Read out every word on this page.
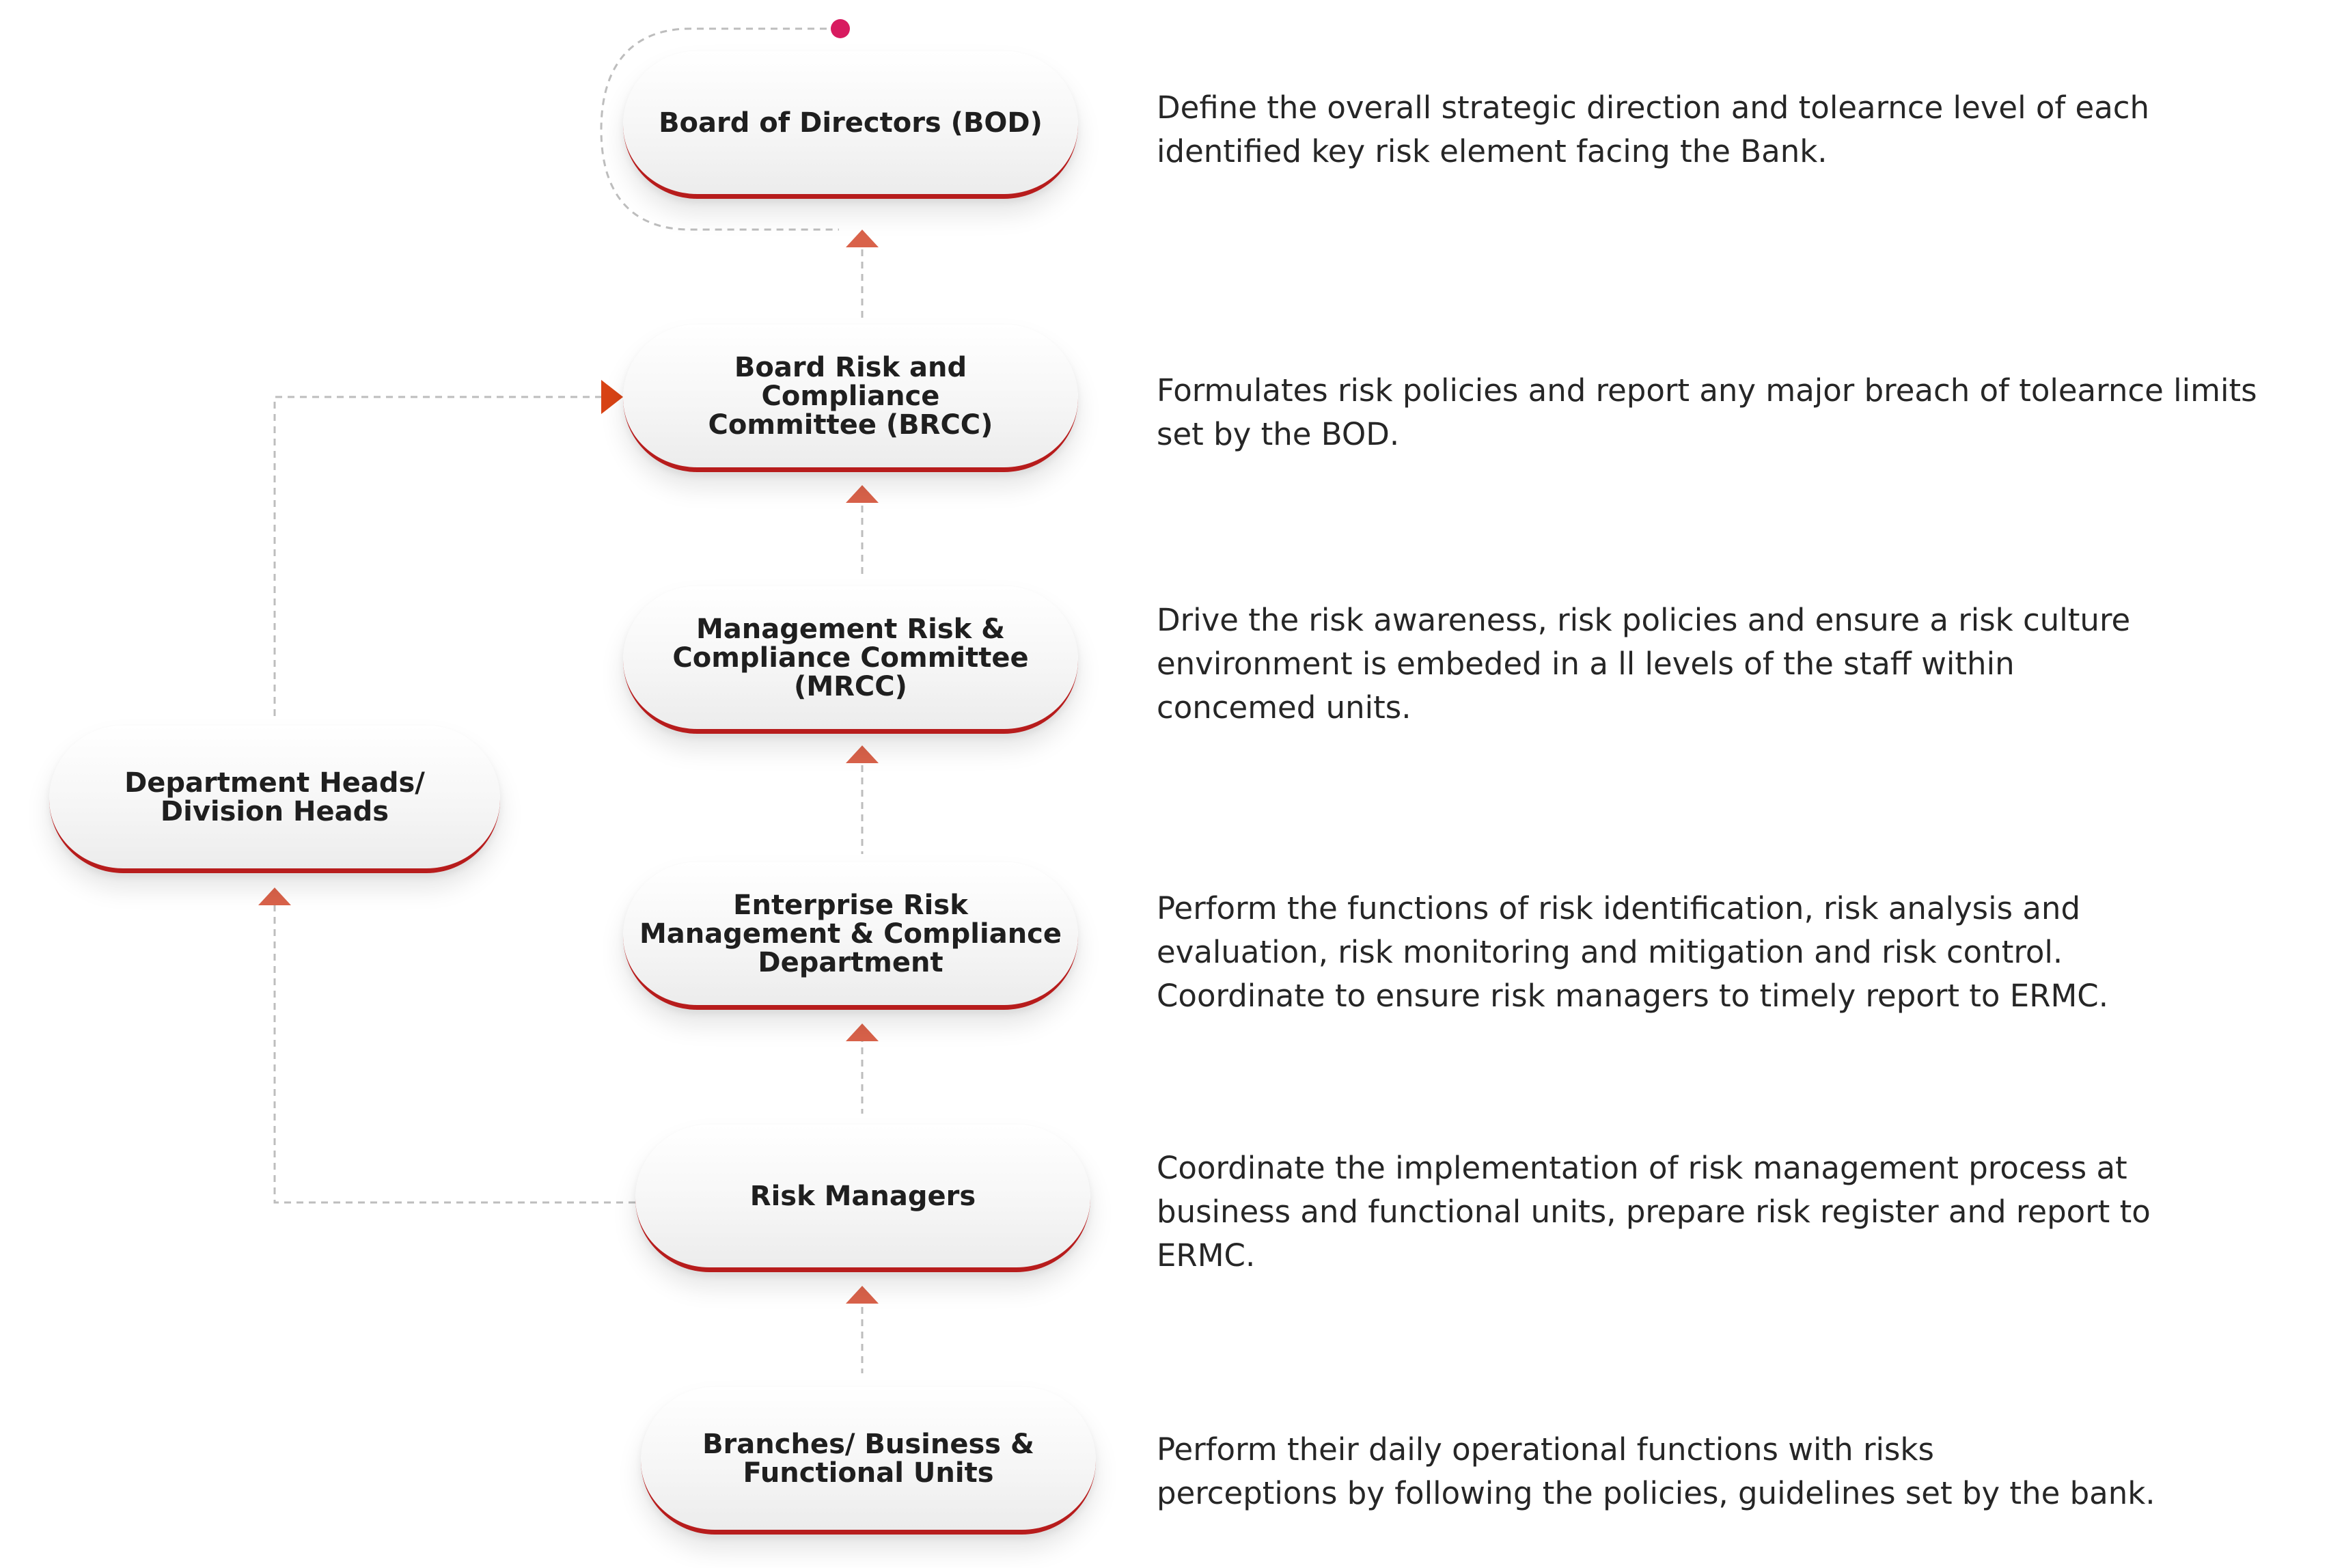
Board of Directors (BOD)
Board Risk and
Compliance
Committee (BRCC)
Management Risk &
Compliance Committee
(MRCC)
Enterprise Risk
Management & Compliance
Department
Risk Managers
Branches/ Business &
Functional Units
Department Heads/
Division Heads
Define the overall strategic direction and tolearnce level of each
identified key risk element facing the Bank.
Formulates risk policies and report any major breach of tolearnce limits
set by the BOD.
Drive the risk awareness, risk policies and ensure a risk culture
environment is embeded in a ll levels of the staff within
concemed units.
Perform the functions of risk identification, risk analysis and
evaluation, risk monitoring and mitigation and risk control.
Coordinate to ensure risk managers to timely report to ERMC.
Coordinate the implementation of risk management process at
business and functional units, prepare risk register and report to
ERMC.
Perform their daily operational functions with risks
perceptions by following the policies, guidelines set by the bank.
